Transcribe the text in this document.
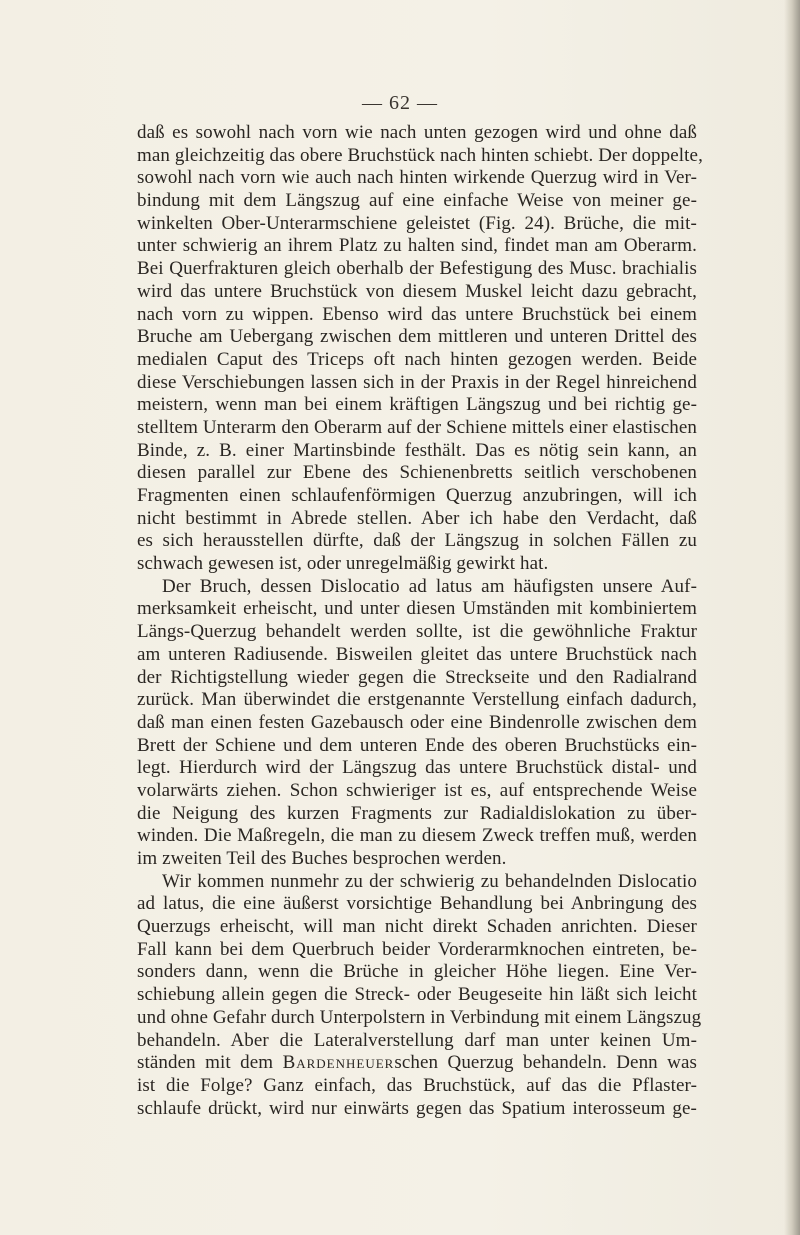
— 62 —
daß es sowohl nach vorn wie nach unten gezogen wird und ohne daß
man gleichzeitig das obere Bruchstück nach hinten schiebt. Der doppelte,
sowohl nach vorn wie auch nach hinten wirkende Querzug wird in Ver-
bindung mit dem Längszug auf eine einfache Weise von meiner ge-
winkelten Ober-Unterarmschiene geleistet (Fig. 24). Brüche, die mit-
unter schwierig an ihrem Platz zu halten sind, findet man am Oberarm.
Bei Querfrakturen gleich oberhalb der Befestigung des Musc. brachialis
wird das untere Bruchstück von diesem Muskel leicht dazu gebracht,
nach vorn zu wippen. Ebenso wird das untere Bruchstück bei einem
Bruche am Uebergang zwischen dem mittleren und unteren Drittel des
medialen Caput des Triceps oft nach hinten gezogen werden. Beide
diese Verschiebungen lassen sich in der Praxis in der Regel hinreichend
meistern, wenn man bei einem kräftigen Längszug und bei richtig ge-
stelltem Unterarm den Oberarm auf der Schiene mittels einer elastischen
Binde, z. B. einer Martinsbinde festhält. Das es nötig sein kann, an
diesen parallel zur Ebene des Schienenbretts seitlich verschobenen
Fragmenten einen schlaufenförmigen Querzug anzubringen, will ich
nicht bestimmt in Abrede stellen. Aber ich habe den Verdacht, daß
es sich herausstellen dürfte, daß der Längszug in solchen Fällen zu
schwach gewesen ist, oder unregelmäßig gewirkt hat.
Der Bruch, dessen Dislocatio ad latus am häufigsten unsere Auf-
merksamkeit erheischt, und unter diesen Umständen mit kombiniertem
Längs-Querzug behandelt werden sollte, ist die gewöhnliche Fraktur
am unteren Radiusende. Bisweilen gleitet das untere Bruchstück nach
der Richtigstellung wieder gegen die Streckseite und den Radialrand
zurück. Man überwindet die erstgenannte Verstellung einfach dadurch,
daß man einen festen Gazebausch oder eine Bindenrolle zwischen dem
Brett der Schiene und dem unteren Ende des oberen Bruchstücks ein-
legt. Hierdurch wird der Längszug das untere Bruchstück distal- und
volarwärts ziehen. Schon schwieriger ist es, auf entsprechende Weise
die Neigung des kurzen Fragments zur Radialdislokation zu über-
winden. Die Maßregeln, die man zu diesem Zweck treffen muß, werden
im zweiten Teil des Buches besprochen werden.
Wir kommen nunmehr zu der schwierig zu behandelnden Dislocatio
ad latus, die eine äußerst vorsichtige Behandlung bei Anbringung des
Querzugs erheischt, will man nicht direkt Schaden anrichten. Dieser
Fall kann bei dem Querbruch beider Vorderarmknochen eintreten, be-
sonders dann, wenn die Brüche in gleicher Höhe liegen. Eine Ver-
schiebung allein gegen die Streck- oder Beugeseite hin läßt sich leicht
und ohne Gefahr durch Unterpolstern in Verbindung mit einem Längszug
behandeln. Aber die Lateralverstellung darf man unter keinen Um-
ständen mit dem Bardenheuerschen Querzug behandeln. Denn was
ist die Folge? Ganz einfach, das Bruchstück, auf das die Pflaster-
schlaufe drückt, wird nur einwärts gegen das Spatium interosseum ge-
